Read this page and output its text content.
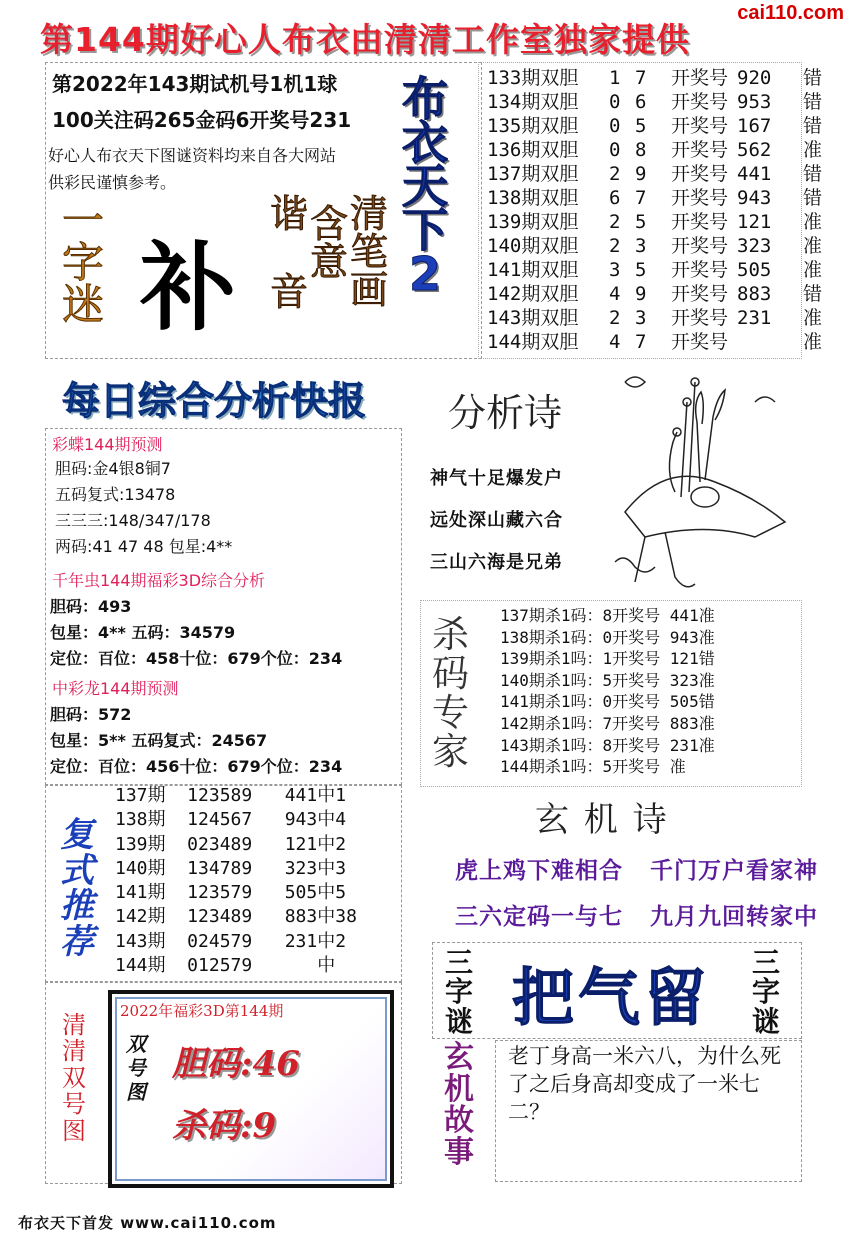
cai110.com
第144期好心人布衣由清清工作室独家提供
第2022年143期试机号1机1球
100关注码265金码6开奖号231
好心人布衣天下图谜资料均来自各大网站
供彩民谨慎参考。
一
字
迷 补
清
笔
画
含
意
谐
音
布
衣
天
下
2
133期双胆 1 7 开奖号 920 错
134期双胆 0 6 开奖号 953 错
135期双胆 0 5 开奖号 167 错
136期双胆 0 8 开奖号 562 准
137期双胆 2 9 开奖号 441 错
138期双胆 6 7 开奖号 943 错
139期双胆 2 5 开奖号 121 准
140期双胆 2 3 开奖号 323 准
141期双胆 3 5 开奖号 505 准
142期双胆 4 9 开奖号 883 错
143期双胆 2 3 开奖号 231 准
144期双胆 4 7 开奖号	准
每日综合分析快报
彩蝶144期预测
胆码:金4银8铜7
五码复式:13478
三三三:148/347/178
两码:41 47 48 包星:4**
千年虫144期福彩3D综合分析
胆码：493
包星：4** 五码：34579
定位：百位：458十位：679个位：234
中彩龙144期预测
胆码：572
包星：5** 五码复式：24567
定位：百位：456十位：679个位：234
分析诗
神气十足爆发户
远处深山藏六合
三山六海是兄弟
杀
码
专
家
137期杀1码：8开奖号 441准
138期杀1码：0开奖号 943准
139期杀1吗：1开奖号 121错
140期杀1吗：5开奖号 323准
141期杀1吗：0开奖号 505错
142期杀1吗：7开奖号 883准
143期杀1吗：8开奖号 231准
144期杀1吗：5开奖号 准
玄 机 诗
虎上鸡下难相合   千门万户看家神
三六定码一与七   九月九回转家中
复
式
推
荐
137期  123589   441中1
138期  124567   943中4
139期  023489   121中2
140期  134789   323中3
141期  123579   505中5
142期  123489   883中38
143期  024579   231中2
144期  012579      中
清
清
双
号
图
2022年福彩3D第144期
双
号
图
胆码:46
杀码:9
三
字
谜 把气留 三
字
谜
玄
机
故
事
老丁身高一米六八，为什么死了之后身高却变成了一米七二？
布衣天下首发 www.cai110.com
